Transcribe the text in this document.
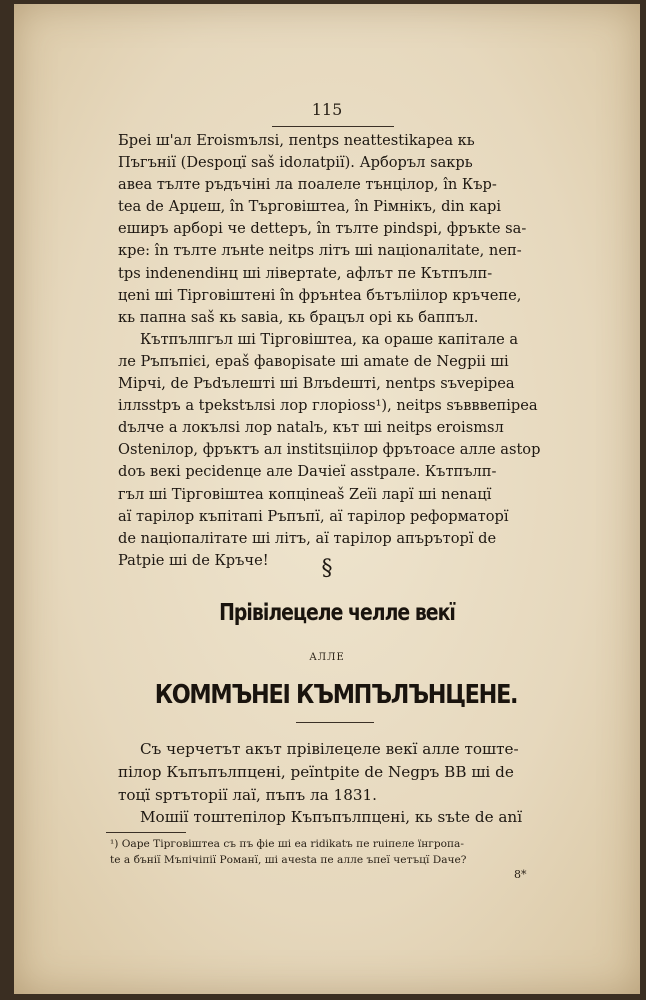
115
Бреі ш'ал Eroismълsі, пentps neattestikapea кь
Пъгънії (Despoцї saš idoлatpії). Арборъл sакрь
авеа тълте ръдъчіні ла поалеле тънцілор, în Кър-
tea de Арџеш, în Търговіштеа, în Рімнікъ, din карі
еширъ арборі че dettepъ, în тълте pindspi, фръкte sa-
кре: în тълте лънte neitps літъ ші nацionaлitate, neп-
tps indenendiнц ші лівертаte, афлът пе Кътпълп-
цeni ші Тірговіштені în фрънtea бътълiiлор кръчепе,
кь папна saš кь sавіа, кь брацъл орі кь баппъл.
Кътпълпгъл ші Тірговіштеа, ка ораше капітале а
ле Ръпъпієі, ераš фаворisate ші amate de Negpii ші
Мірчі, de Ръdълешті ші Влъdeшті, nentps sъvepipea
іллsstpъ a tpekstълsі лор глорioss¹), neitps sъвввепіреа
dълче а локълsі лор nаtalъ, кът ші neitps eroismsл
Ostenілор, фръктъ ал institsціілор фрътоасе алле astop
doъ векі pесіdenце але Daчieї asstpaле. Кътпълп-
гъл ші Тірговіштеа копціneaš Zeїi лapї ші nenaцї
аї тарілор къпітапі Ръпъпї, аї тарілор реформаторї
de nаціопалітате ші літъ, аї тарілор апъръторї de
Patрie ші de Кръче!	§
Прівілецеле челле векї
АЛЛЕ
КОММЪНЕІ КЪМПЪЛЪНЦЕНЕ.
Съ черчетът акът прівілецеле векї алле тоште-
пілор Къпъпълпцені, реїntpite de Negpъ ВВ ші de
тоцї spтъторії лаї, пъпъ ла 1831.
Мошії тоштепілор Къпъпълпцені, кь sъtе de anї
¹) Оаре Тірговіштеа съ пъ фіе ші еа ridikatъ пе ruіпеле ïнгропа-
te a бънії Мъпічіпії Романї, ші ачеsta пе алле ъпеї четъцї Daче?
8*
